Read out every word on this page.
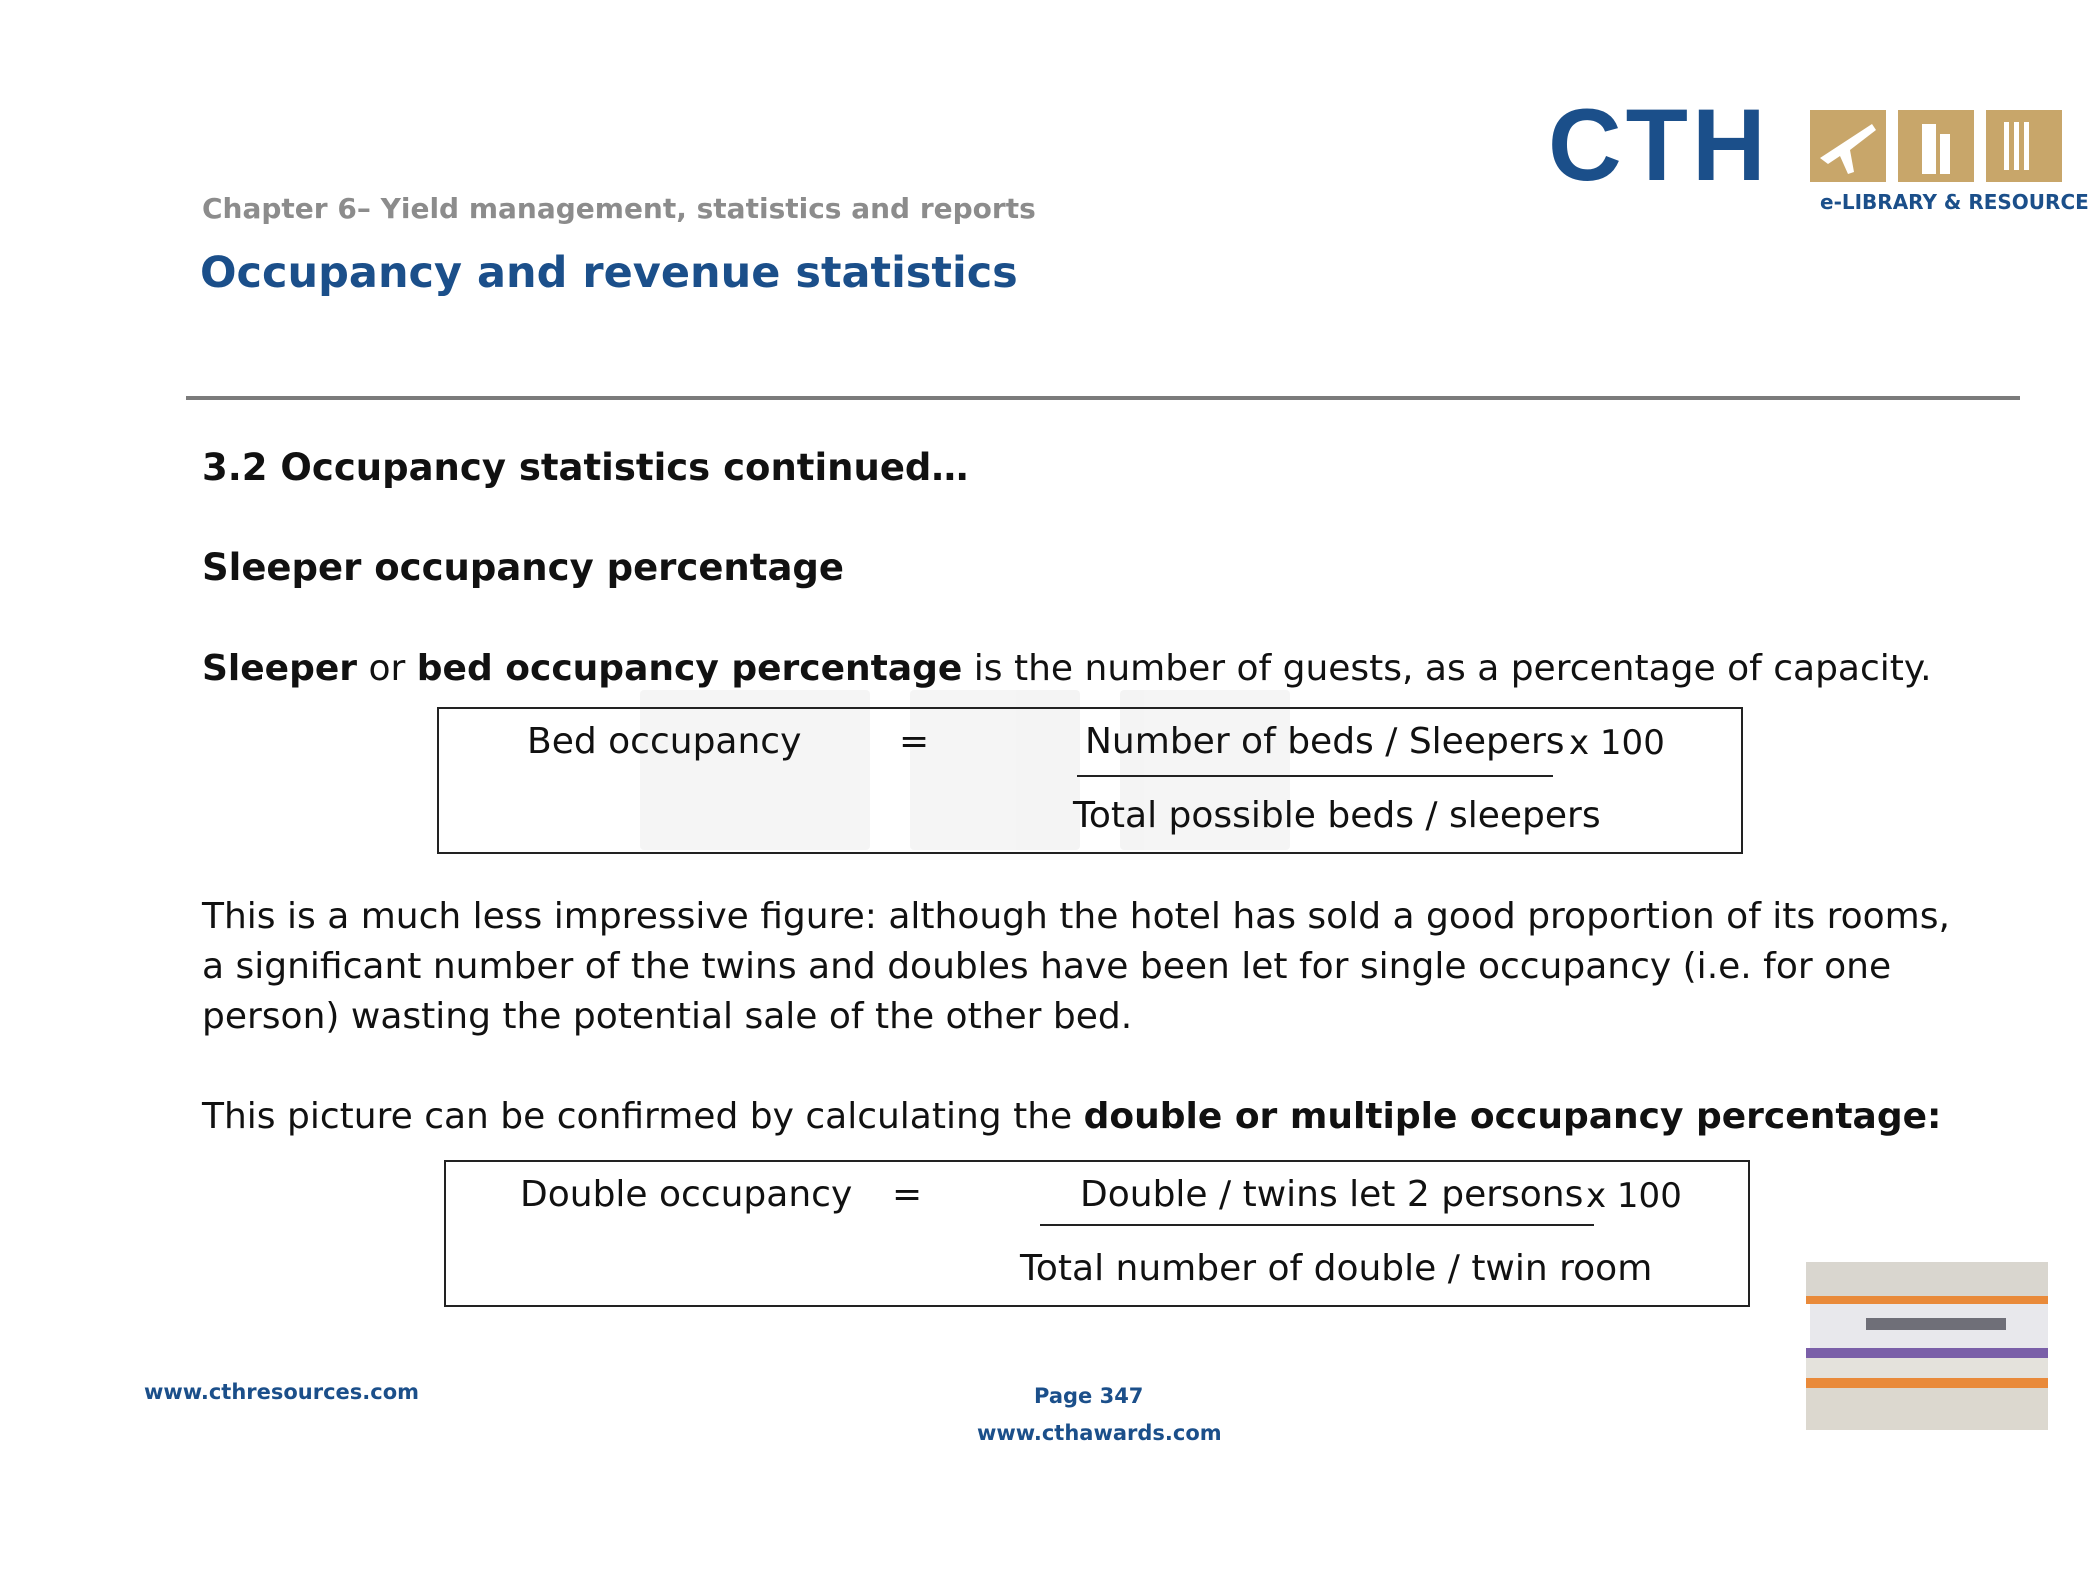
Chapter 6– Yield management, statistics and reports
Occupancy and revenue statistics
CTH	e-LIBRARY & RESOURCE
3.2 Occupancy statistics continued…
Sleeper occupancy percentage
Sleeper or bed occupancy percentage is the number of guests, as a percentage of capacity.
Bed occupancy	=	Number of beds / Sleepers x 100
Total possible beds / sleepers
This is a much less impressive figure: although the hotel has sold a good proportion of its rooms, a significant number of the twins and doubles have been let for single occupancy (i.e. for one person) wasting the potential sale of the other bed.
This picture can be confirmed by calculating the double or multiple occupancy percentage:
Double occupancy =	Double / twins let 2 persons x 100
Total number of double / twin room
www.cthresources.com	Page 347
www.cthawards.com
